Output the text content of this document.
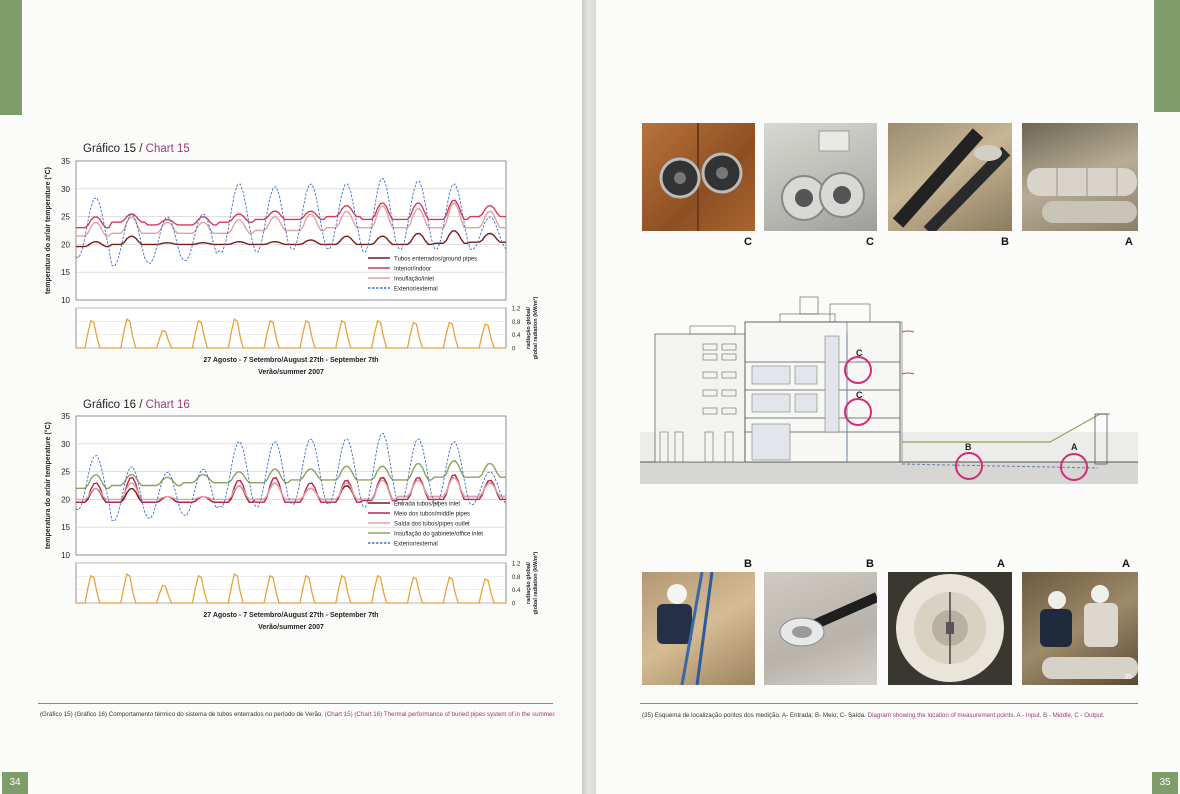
Gráfico 15 / Chart 15
10
15
20
25
30
35
temperatura do ar/air temperature (°C)	Tubos enterrados/ground pipes
Interior/indoor
Insuflação/inlet
Exterior/external
0
0.4
0.8
1.2 radiação global/ global radiation (kW/m²)
27 Agosto - 7 Setembro/August 27th - September 7th
Verão/summer 2007
Gráfico 16 / Chart 16
10
15
20
25
30
35
temperatura do ar/air temperature (°C)	Entrada tubos/pipes inlet
Meio dos tubos/middle pipes
Saída dos tubos/pipes outlet
Insuflação do gabinete/office inlet
Exterior/external
0
0.4
0.8
1.2 radiação global/ global radiation (kW/m²)
27 Agosto - 7 Setembro/August 27th - September 7th
Verão/summer 2007
(Gráfico 15) (Gráfico 16) Comportamento térmico do sistema de tubos enterrados no período de Verão. (Chart 15) (Chart 16) Thermal performance of buried pipes system of in the summer.
34
C	C	B	A
C
C
B	A
B	B	A	A
35
(35) Esquema de localização pontos dos medição. A- Entrada; B- Meio; C- Saída. Diagram showing the location of measurement points. A - Input, B - Middle, C - Output.
35
